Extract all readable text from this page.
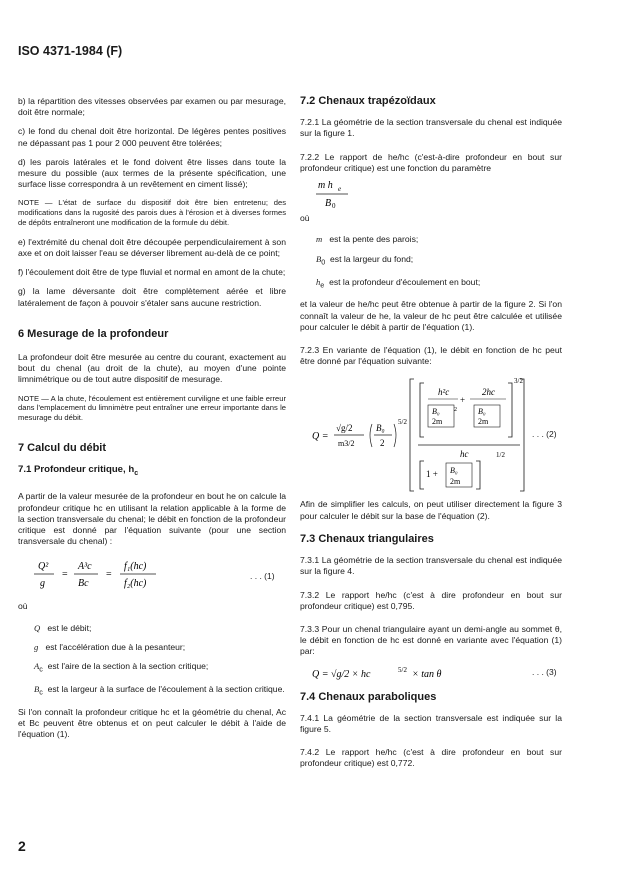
ISO 4371-1984 (F)

b) la répartition des vitesses observées par examen ou par mesurage, doit être normale;

c) le fond du chenal doit être horizontal. De légères pentes positives ne dépassant pas 1 pour 2 000 peuvent être tolérées;

d) les parois latérales et le fond doivent être lisses dans toute la mesure du possible (aux termes de la présente spécification, une surface lisse correspondra à un revêtement en ciment lissé);

NOTE — L'état de surface du dispositif doit être bien entretenu; des modifications dans la rugosité des parois dues à l'érosion et à diverses formes de dépôts entraîneront une modification de la formule du débit.

e) l'extrémité du chenal doit être découpée perpendiculairement à son axe et on doit laisser l'eau se déverser librement au-delà de ce point;

f) l'écoulement doit être de type fluvial et normal en amont de la chute;

g) la lame déversante doit être complètement aérée et libre latéralement de façon à pouvoir s'étaler sans aucune restriction.

6 Mesurage de la profondeur

La profondeur doit être mesurée au centre du courant, exactement au bout du chenal (au droit de la chute), au moyen d'une pointe limnimétrique ou de tout autre dispositif de mesurage.

NOTE — A la chute, l'écoulement est entièrement curviligne et une faible erreur dans l'emplacement du limnimètre peut entraîner une erreur importante dans le mesurage du débit.

7 Calcul du débit
7.1 Profondeur critique, $h_c$

A partir de la valeur mesurée de la profondeur en bout he on calcule la profondeur critique hc en utilisant la relation applicable à la forme de la section transversale du chenal; le débit en fonction de la profondeur critique est donné par l'équation suivante (pour une section transversale du chenal) :

Q²
g
=
A³c
Bc
=
f₁(hc)
f₂(hc)
. . . (1)

où

Q est le débit;
g est l'accélération due à la pesanteur;
$A_c$ est l'aire de la section à la section critique;
$B_c$ est la largeur à la surface de l'écoulement à la section critique.

Si l'on connaît la profondeur critique hc et la géométrie du chenal, Ac et Bc peuvent être obtenus et on peut calculer le débit à l'aide de l'équation (1).

7.2 Chenaux trapézoïdaux

7.2.1 La géométrie de la section transversale du chenal est indiquée sur la figure 1.

7.2.2 Le rapport de he/hc (c'est-à-dire profondeur en bout sur profondeur critique) est une fonction du paramètre

m h e
B 0

où

m est la pente des parois;
$B_0$ est la largeur du fond;
$h_e$ est la profondeur d'écoulement en bout;

et la valeur de he/hc peut être obtenue à partir de la figure 2. Si l'on connaît la valeur de he, la valeur de hc peut être calculée et utilisée pour calculer le débit à partir de l'équation (1).

7.2.3 En variante de l'équation (1), le débit en fonction de hc peut être donné par l'équation suivante:

Q =
√g/2
m3/2
B₀
2
5/2
h²c
+
2hc
B₀
2m
2	B₀
2m
3/2
hc	1/2
1 + B₀
2m
. . . (2)

Afin de simplifier les calculs, on peut utiliser directement la figure 3 pour calculer le débit sur la base de l'équation (2).

7.3 Chenaux triangulaires

7.3.1 La géométrie de la section transversale du chenal est indiquée sur la figure 4.

7.3.2 Le rapport he/hc (c'est à dire profondeur en bout sur profondeur critique) est 0,795.

7.3.3 Pour un chenal triangulaire ayant un demi-angle au sommet θ, le débit en fonction de hc est donné en variante avec l'équation (1) par:

Q = √g/2 × hc	5/2 × tan θ	. . . (3)
7.4 Chenaux paraboliques

7.4.1 La géométrie de la section transversale est indiquée sur la figure 5.

7.4.2 Le rapport he/hc (c'est à dire profondeur en bout sur profondeur critique) est 0,772.

2
